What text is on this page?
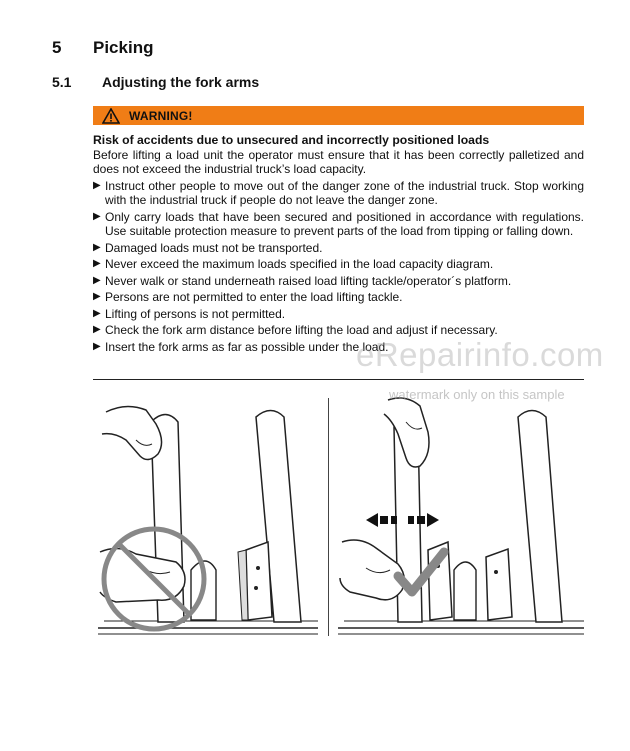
5	Picking
5.1	Adjusting the fork arms
WARNING!
Risk of accidents due to unsecured and incorrectly positioned loads

Before lifting a load unit the operator must ensure that it has been correctly palletized and does not exceed the industrial truck’s load capacity.

▶ Instruct other people to move out of the danger zone of the industrial truck. Stop working with the industrial truck if people do not leave the danger zone.
▶ Only carry loads that have been secured and positioned in accordance with regulations. Use suitable protection measure to prevent parts of the load from tipping or falling down.
▶ Damaged loads must not be transported.
▶ Never exceed the maximum loads specified in the load capacity diagram.
▶ Never walk or stand underneath raised load lifting tackle/operator´s platform.
▶ Persons are not permitted to enter the load lifting tackle.
▶ Lifting of persons is not permitted.
▶ Check the fork arm distance before lifting the load and adjust if necessary.
▶ Insert the fork arms as far as possible under the load.
eRepairinfo.com
watermark only on this sample
